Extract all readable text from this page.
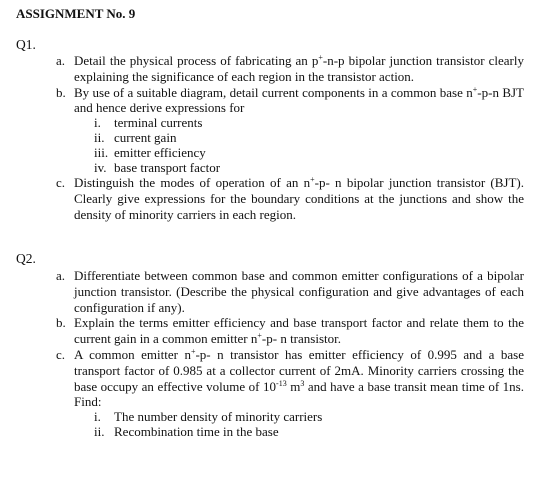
ASSIGNMENT No. 9
Q1.
a. Detail the physical process of fabricating an p+-n-p bipolar junction transistor clearly explaining the significance of each region in the transistor action.
b. By use of a suitable diagram, detail current components in a common base n+-p-n BJT and hence derive expressions for
i. terminal currents
ii. current gain
iii. emitter efficiency
iv. base transport factor
c. Distinguish the modes of operation of an n+-p- n bipolar junction transistor (BJT). Clearly give expressions for the boundary conditions at the junctions and show the density of minority carriers in each region.
Q2.
a. Differentiate between common base and common emitter configurations of a bipolar junction transistor. (Describe the physical configuration and give advantages of each configuration if any).
b. Explain the terms emitter efficiency and base transport factor and relate them to the current gain in a common emitter n+-p- n transistor.
c. A common emitter n+-p- n transistor has emitter efficiency of 0.995 and a base transport factor of 0.985 at a collector current of 2mA. Minority carriers crossing the base occupy an effective volume of $10^{-13}$ $m^3$ and have a base transit mean time of 1ns. Find:
i. The number density of minority carriers
ii. Recombination time in the base
